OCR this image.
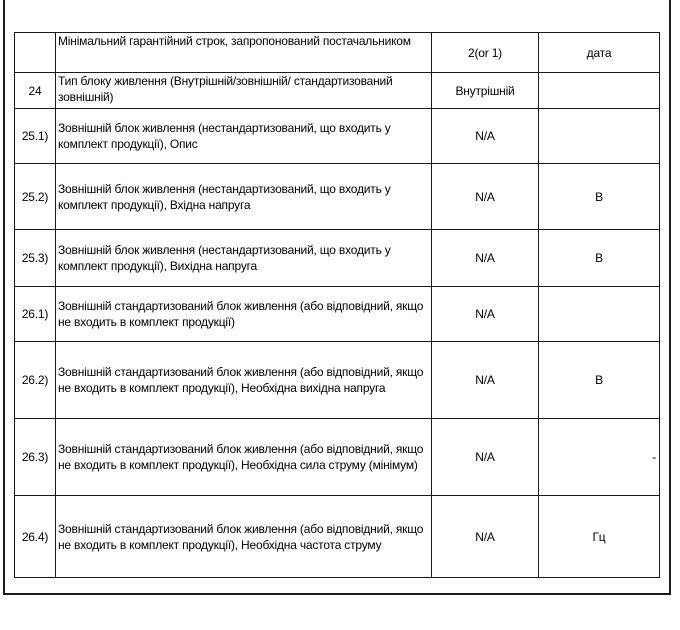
	Мінімальний гарантійний строк, запропонований постачальником	2(or 1)	дата
24	Тип блоку живлення (Внутрішній/зовнішній/ стандартизований зовнішній)	Внутрішній	
25.1)	Зовнішній блок живлення (нестандартизований, що входить у комплект продукції), Опис	N/A	
25.2)	Зовнішній блок живлення (нестандартизований, що входить у комплект продукції), Вхідна напруга	N/A	В
25.3)	Зовнішній блок живлення (нестандартизований, що входить у комплект продукції), Вихідна напруга	N/A	В
26.1)	Зовнішній стандартизований блок живлення (або відповідний, якщо не входить в комплект продукції)	N/A	
26.2)	Зовнішній стандартизований блок живлення (або відповідний, якщо не входить в комплект продукції), Необхідна вихідна напруга	N/A	В
26.3)	Зовнішній стандартизований блок живлення (або відповідний, якщо не входить в комплект продукції), Необхідна сила струму (мінімум)	N/A	-
26.4)	Зовнішній стандартизований блок живлення (або відповідний, якщо не входить в комплект продукції), Необхідна частота струму	N/A	Гц
